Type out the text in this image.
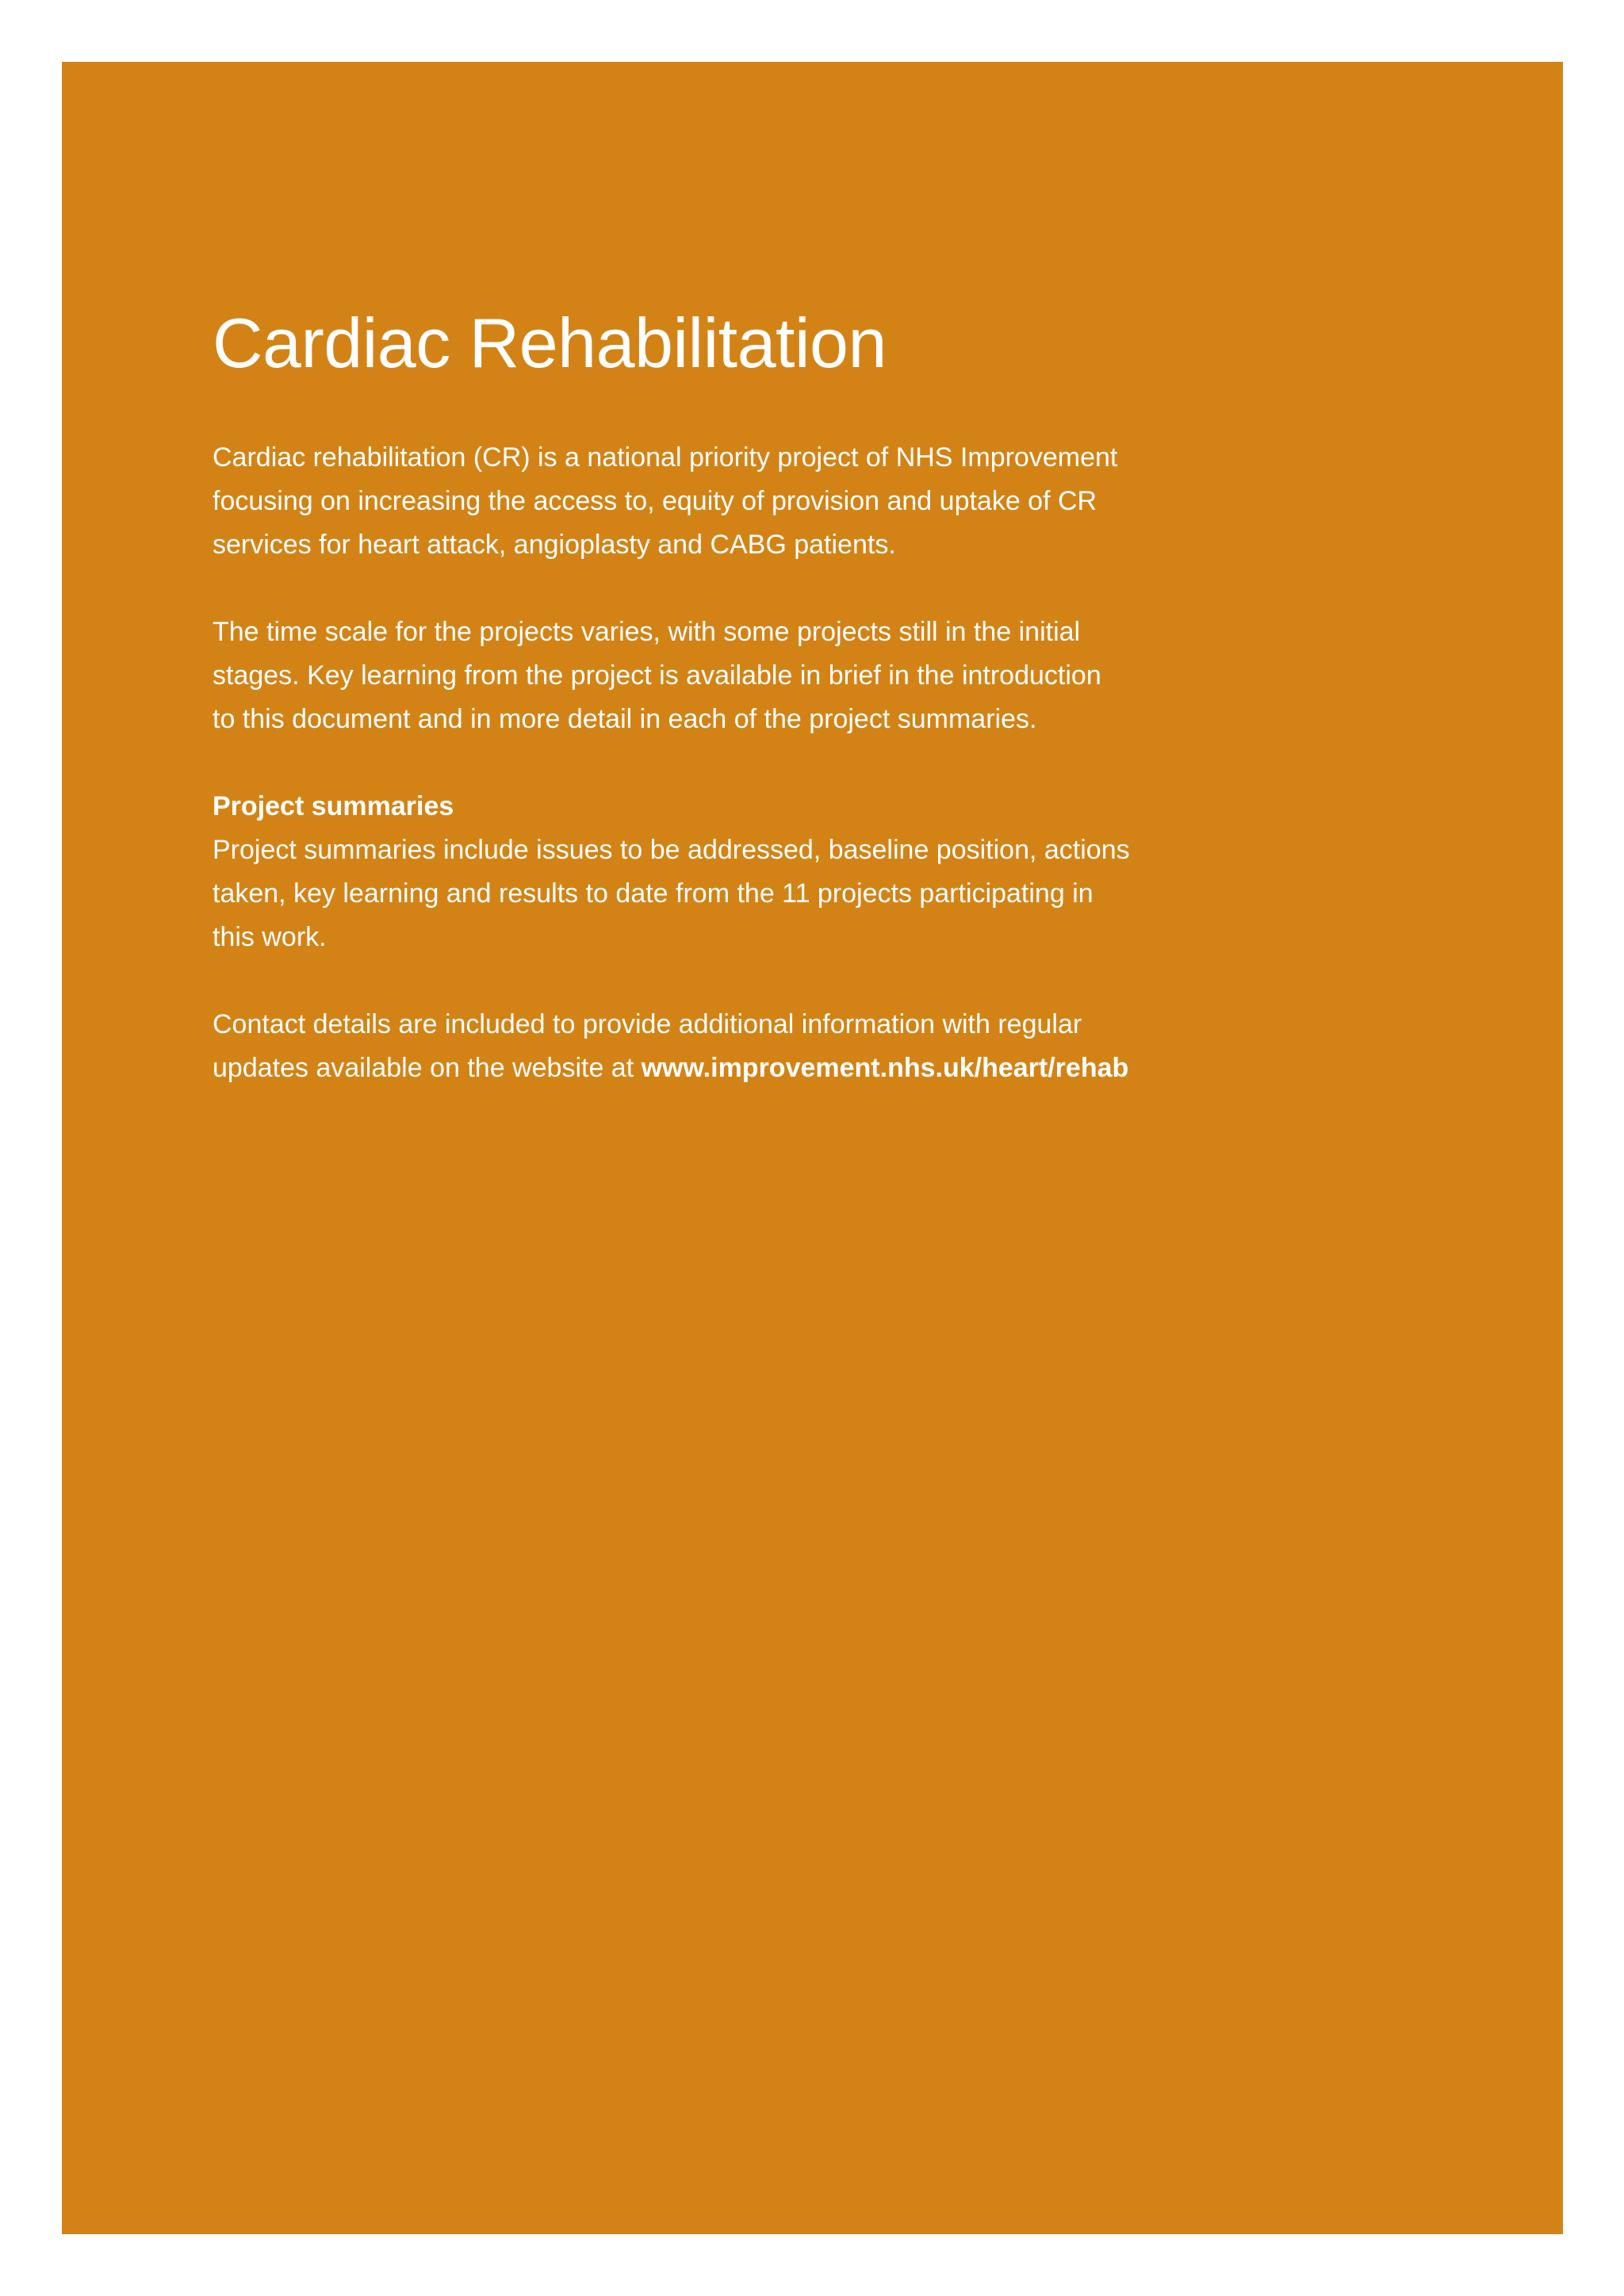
Cardiac Rehabilitation

Cardiac rehabilitation (CR) is a national priority project of NHS Improvement
focusing on increasing the access to, equity of provision and uptake of CR
services for heart attack, angioplasty and CABG patients.

The time scale for the projects varies, with some projects still in the initial
stages. Key learning from the project is available in brief in the introduction
to this document and in more detail in each of the project summaries.

Project summaries
Project summaries include issues to be addressed, baseline position, actions
taken, key learning and results to date from the 11 projects participating in
this work.

Contact details are included to provide additional information with regular
updates available on the website at www.improvement.nhs.uk/heart/rehab
